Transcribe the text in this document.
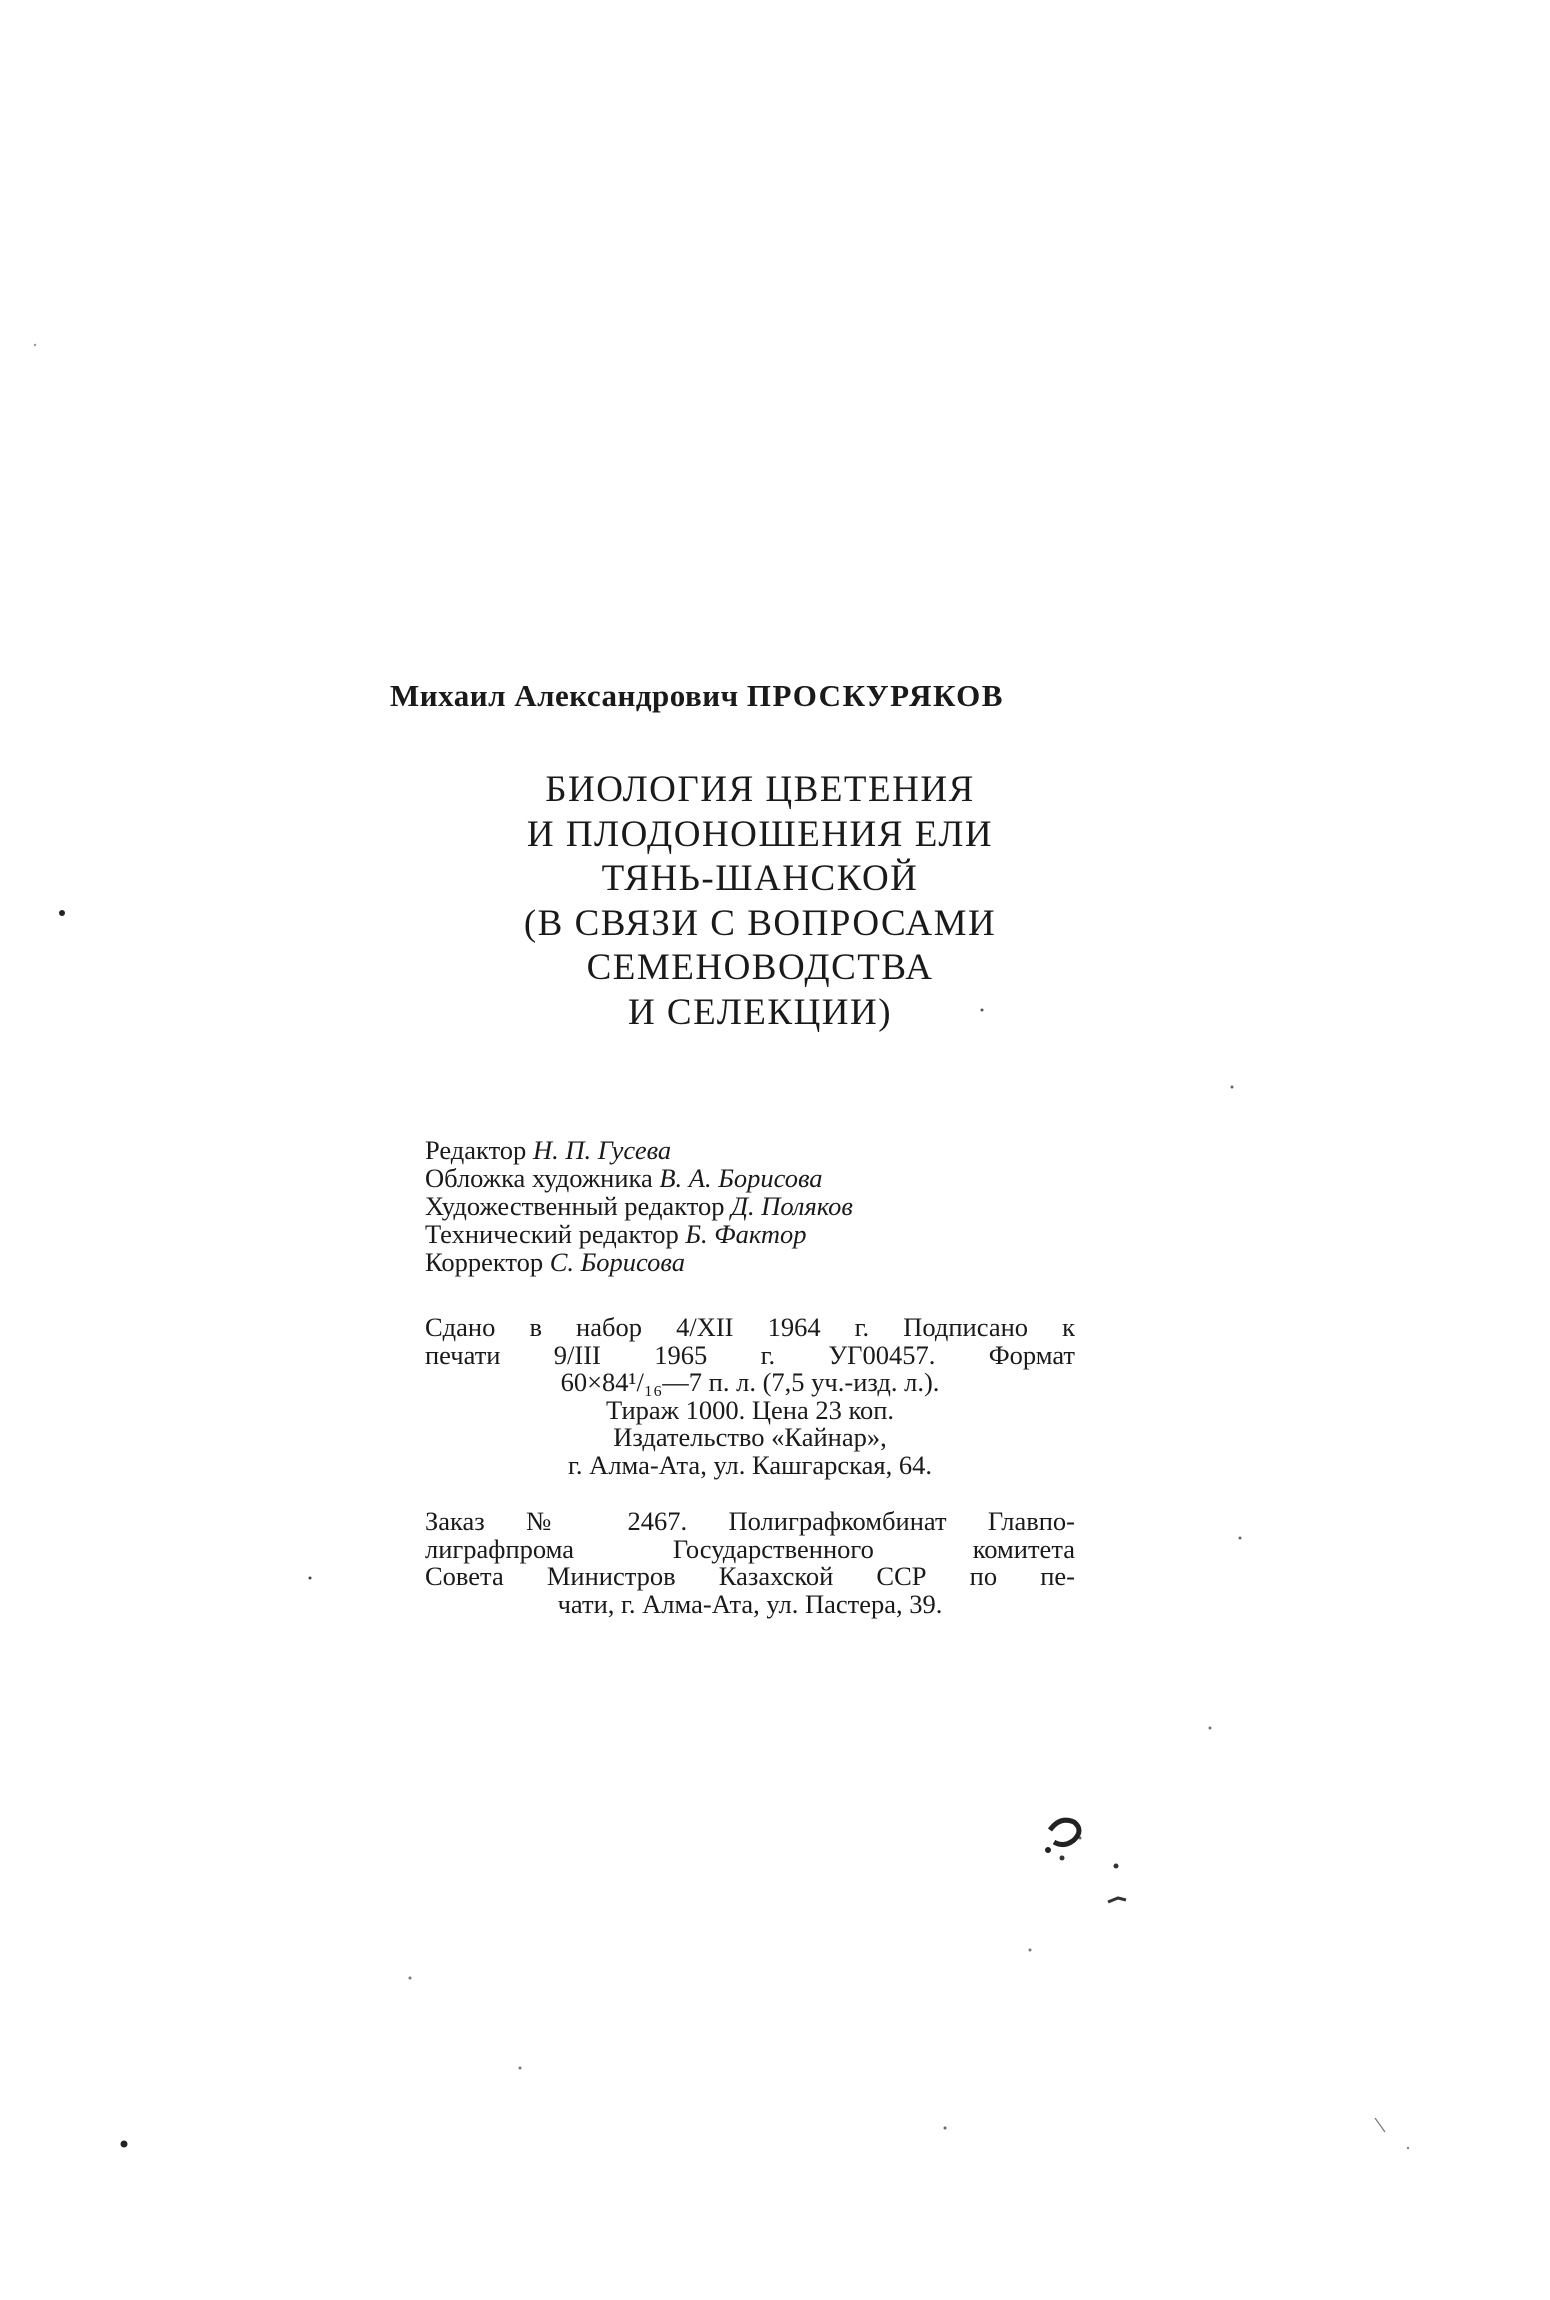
Михаил Александрович ПРОСКУРЯКОВ
БИОЛОГИЯ ЦВЕТЕНИЯ
И ПЛОДОНОШЕНИЯ ЕЛИ
ТЯНЬ-ШАНСКОЙ
(В СВЯЗИ С ВОПРОСАМИ
СЕМЕНОВОДСТВА
И СЕЛЕКЦИИ)
Редактор Н. П. Гусева
Обложка художника В. А. Борисова
Художественный редактор Д. Поляков
Технический редактор Б. Фактор
Корректор С. Борисова
Сдано в набор 4/XII 1964 г. Подписано к
печати 9/III 1965 г. УГ00457. Формат
60×84¹/₁₆—7 п. л. (7,5 уч.-изд. л.).
Тираж 1000. Цена 23 коп.
Издательство «Кайнар»,
г. Алма-Ата, ул. Кашгарская, 64.
Заказ № 2467. Полиграфкомбинат Главпо-
лиграфпрома Государственного комитета
Совета Министров Казахской ССР по пе-
чати, г. Алма-Ата, ул. Пастера, 39.
